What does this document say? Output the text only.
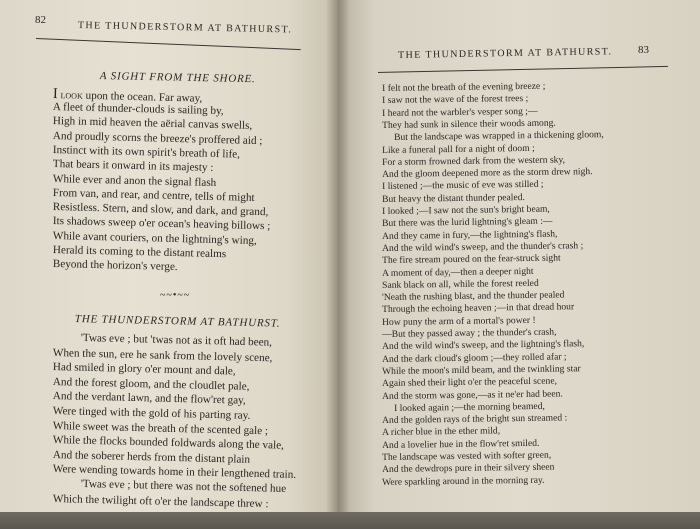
82	THE THUNDERSTORM AT BATHURST.
A SIGHT FROM THE SHORE.
I look upon the ocean. Far away,
A fleet of thunder-clouds is sailing by,
High in mid heaven the aërial canvas swells,
And proudly scorns the breeze's proffered aid ;
Instinct with its own spirit's breath of life,
That bears it onward in its majesty :
While ever and anon the signal flash
From van, and rear, and centre, tells of might
Resistless. Stern, and slow, and dark, and grand,
Its shadows sweep o'er ocean's heaving billows ;
While avant couriers, on the lightning's wing,
Herald its coming to the distant realms
Beyond the horizon's verge.
~~•~~
THE THUNDERSTORM AT BATHURST.
'Twas eve ; but 'twas not as it oft had been,
When the sun, ere he sank from the lovely scene,
Had smiled in glory o'er mount and dale,
And the forest gloom, and the cloudlet pale,
And the verdant lawn, and the flow'ret gay,
Were tinged with the gold of his parting ray.
While sweet was the breath of the scented gale ;
While the flocks bounded foldwards along the vale,
And the soberer herds from the distant plain
Were wending towards home in their lengthened train.
'Twas eve ; but there was not the softened hue
Which the twilight oft o'er the landscape threw :
THE THUNDERSTORM AT BATHURST. 83
I felt not the breath of the evening breeze ;
I saw not the wave of the forest trees ;
I heard not the warbler's vesper song ;—
They had sunk in silence their woods among.
But the landscape was wrapped in a thickening gloom,
Like a funeral pall for a night of doom ;
For a storm frowned dark from the western sky,
And the gloom deepened more as the storm drew nigh.
I listened ;—the music of eve was stilled ;
But heavy the distant thunder pealed.
I looked ;—I saw not the sun's bright beam,
But there was the lurid lightning's gleam :—
And they came in fury,—the lightning's flash,
And the wild wind's sweep, and the thunder's crash ;
The fire stream poured on the fear-struck sight
A moment of day,—then a deeper night
Sank black on all, while the forest reeled
'Neath the rushing blast, and the thunder pealed
Through the echoing heaven ;—in that dread hour
How puny the arm of a mortal's power !
—But they passed away ; the thunder's crash,
And the wild wind's sweep, and the lightning's flash,
And the dark cloud's gloom ;—they rolled afar ;
While the moon's mild beam, and the twinkling star
Again shed their light o'er the peaceful scene,
And the storm was gone,—as it ne'er had been.
I looked again ;—the morning beamed,
And the golden rays of the bright sun streamed :
A richer blue in the ether mild,
And a lovelier hue in the flow'ret smiled.
The landscape was vested with softer green,
And the dewdrops pure in their silvery sheen
Were sparkling around in the morning ray.
